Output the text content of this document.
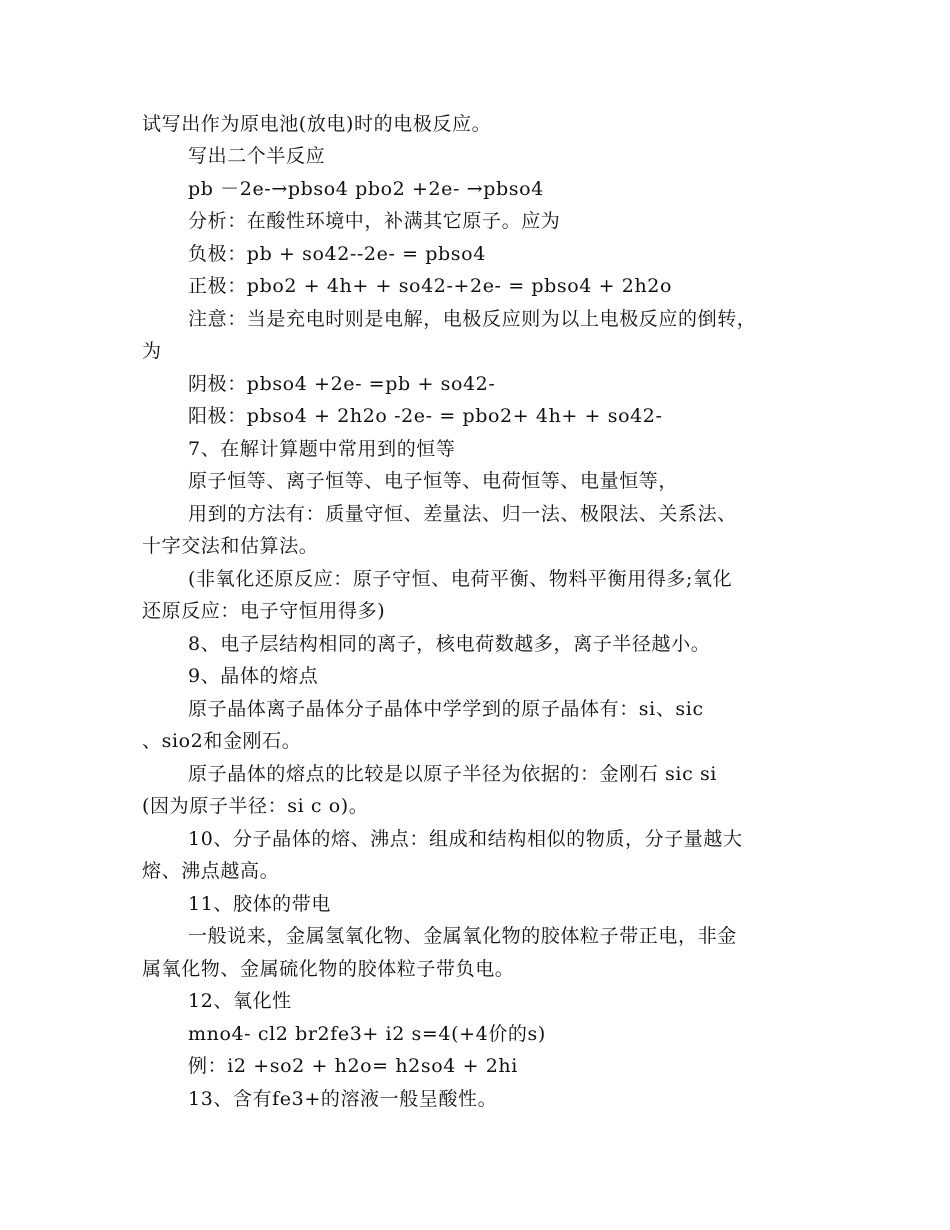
试写出作为原电池(放电)时的电极反应。
写出二个半反应
pb －2e-→pbso4 pbo2 +2e- →pbso4
分析：在酸性环境中，补满其它原子。应为
负极：pb + so42--2e- = pbso4
正极：pbo2 + 4h+ + so42-+2e- = pbso4 + 2h2o
注意：当是充电时则是电解，电极反应则为以上电极反应的倒转，
为
阴极：pbso4 +2e- =pb + so42-
阳极：pbso4 + 2h2o -2e- = pbo2+ 4h+ + so42-
7、在解计算题中常用到的恒等
原子恒等、离子恒等、电子恒等、电荷恒等、电量恒等，
用到的方法有：质量守恒、差量法、归一法、极限法、关系法、
十字交法和估算法。
(非氧化还原反应：原子守恒、电荷平衡、物料平衡用得多;氧化
还原反应：电子守恒用得多)
8、电子层结构相同的离子，核电荷数越多，离子半径越小。
9、晶体的熔点
原子晶体离子晶体分子晶体中学学到的原子晶体有：si、sic
、sio2和金刚石。
原子晶体的熔点的比较是以原子半径为依据的：金刚石 sic si
(因为原子半径：si c o)。
10、分子晶体的熔、沸点：组成和结构相似的物质，分子量越大
熔、沸点越高。
11、胶体的带电
一般说来，金属氢氧化物、金属氧化物的胶体粒子带正电，非金
属氧化物、金属硫化物的胶体粒子带负电。
12、氧化性
mno4- cl2 br2fe3+ i2 s=4(+4价的s)
例：i2 +so2 + h2o= h2so4 + 2hi
13、含有fe3+的溶液一般呈酸性。
